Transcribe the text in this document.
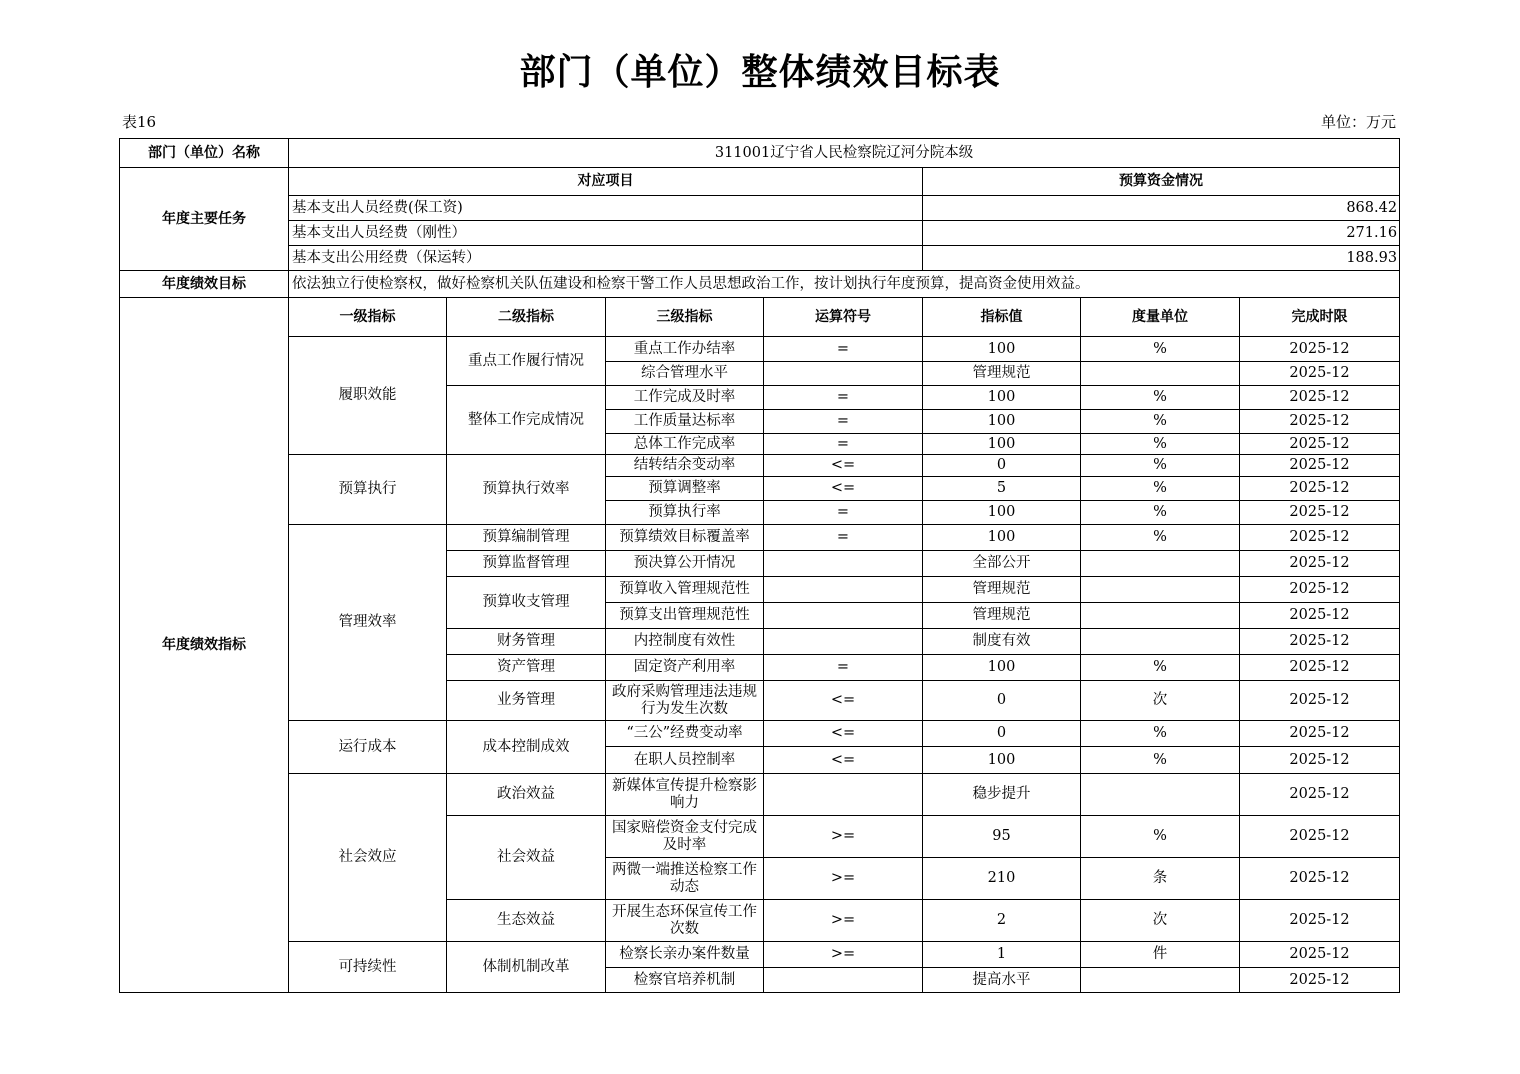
部门（单位）整体绩效目标表
表16	单位：万元
部门（单位）名称	311001辽宁省人民检察院辽河分院本级						
年度主要任务	对应项目				预算资金情况		
	基本支出人员经费(保工资)				868.42		
	基本支出人员经费（刚性）				271.16		
	基本支出公用经费（保运转）				188.93		
年度绩效目标	依法独立行使检察权，做好检察机关队伍建设和检察干警工作人员思想政治工作，按计划执行年度预算，提高资金使用效益。						
年度绩效指标	一级指标	二级指标	三级指标	运算符号	指标值	度量单位	完成时限
	履职效能	重点工作履行情况	重点工作办结率	=	100	%	2025-12
			综合管理水平		管理规范		2025-12
		整体工作完成情况	工作完成及时率	=	100	%	2025-12
			工作质量达标率	=	100	%	2025-12
			总体工作完成率	=	100	%	2025-12
	预算执行	预算执行效率	结转结余变动率	<=	0	%	2025-12
			预算调整率	<=	5	%	2025-12
			预算执行率	=	100	%	2025-12
	管理效率	预算编制管理	预算绩效目标覆盖率	=	100	%	2025-12
		预算监督管理	预决算公开情况		全部公开		2025-12
		预算收支管理	预算收入管理规范性		管理规范		2025-12
			预算支出管理规范性		管理规范		2025-12
		财务管理	内控制度有效性		制度有效		2025-12
		资产管理	固定资产利用率	=	100	%	2025-12
		业务管理	政府采购管理违法违规行为发生次数	<=	0	次	2025-12
	运行成本	成本控制成效	“三公”经费变动率	<=	0	%	2025-12
			在职人员控制率	<=	100	%	2025-12
	社会效应	政治效益	新媒体宣传提升检察影响力		稳步提升		2025-12
		社会效益	国家赔偿资金支付完成及时率	>=	95	%	2025-12
			两微一端推送检察工作动态	>=	210	条	2025-12
		生态效益	开展生态环保宣传工作次数	>=	2	次	2025-12
	可持续性	体制机制改革	检察长亲办案件数量	>=	1	件	2025-12
			检察官培养机制		提高水平		2025-12
